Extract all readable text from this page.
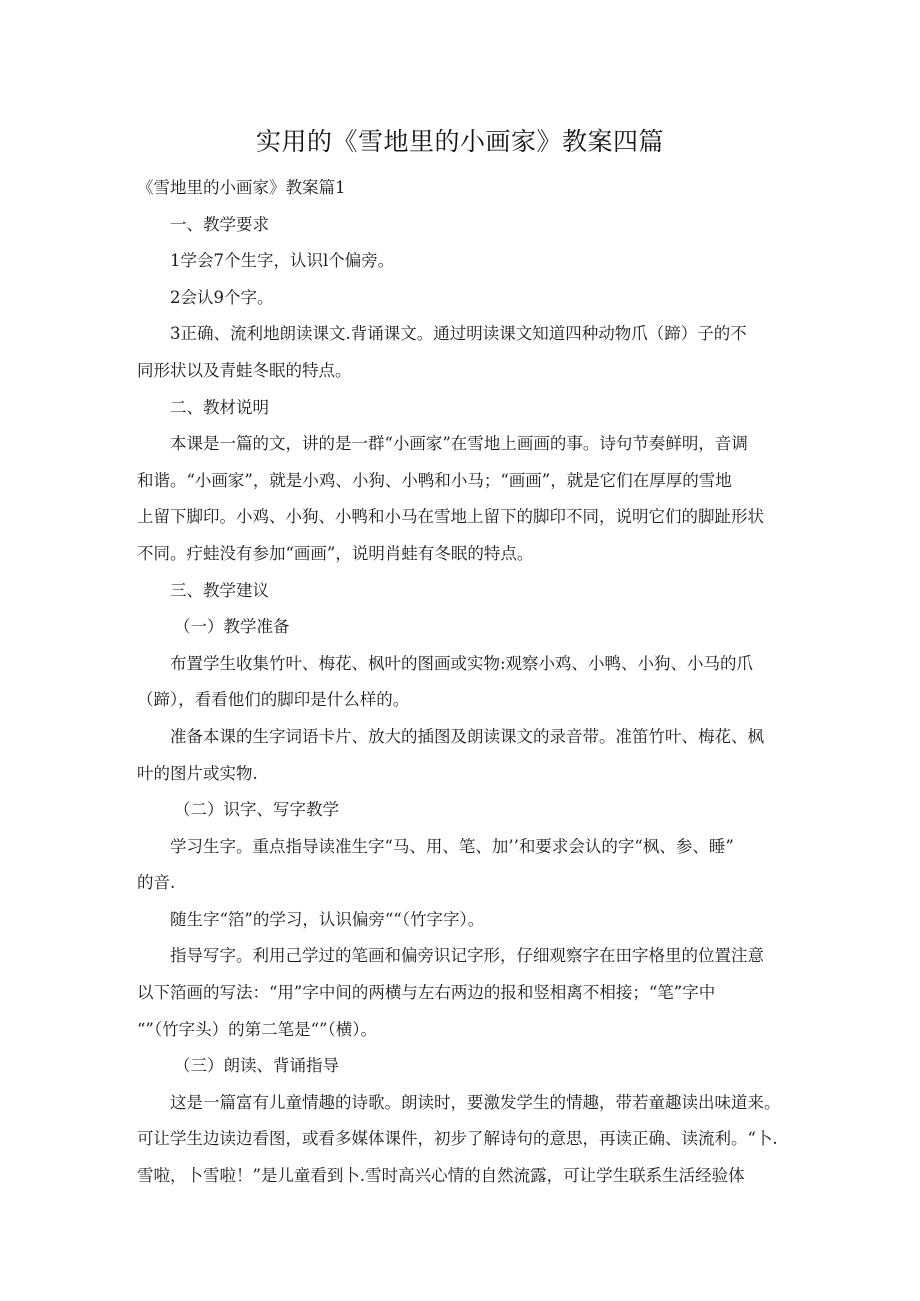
实用的《雪地里的小画家》教案四篇

《雪地里的小画家》教案篇1

一、教学要求

1学会7个生字，认识l个偏旁。

2会认9个字。

3正确、流利地朗读课文.背诵课文。通过明读课文知道四种动物爪（蹄）子的不

同形状以及青蛙冬眠的特点。

二、教材说明

本课是一篇的文，讲的是一群“小画家”在雪地上画画的事。诗句节奏鲜明，音调

和谐。“小画家”，就是小鸡、小狗、小鸭和小马；“画画”，就是它们在厚厚的雪地

上留下脚印。小鸡、小狗、小鸭和小马在雪地上留下的脚印不同，说明它们的脚趾形状

不同。疔蛙没有参加“画画”，说明肖蛙有冬眠的特点。

三、教学建议

（一）教学准备

布置学生收集竹叶、梅花、枫叶的图画或实物:观察小鸡、小鸭、小狗、小马的爪

（蹄），看看他们的脚印是什么样的。

准备本课的生字词语卡片、放大的插图及朗读课文的录音带。准笛竹叶、梅花、枫

叶的图片或实物.

（二）识字、写字教学

学习生字。重点指导读准生字“马、用、笔、加’’和要求会认的字“枫、参、睡”

的音.

随生字“箔”的学习，认识偏旁““（竹字字）。

指导写字。利用己学过的笔画和偏旁识记字形，仔细观察字在田字格里的位置注意

以下箔画的写法：“用”字中间的两横与左右两边的报和竖相离不相接；“笔”字中

“”（竹字头）的第二笔是“”（横）。

（三）朗读、背诵指导

这是一篇富有儿童情趣的诗歌。朗读时，要激发学生的情趣，带若童趣读出味道来。

可让学生边读边看图，或看多媒体课件，初步了解诗句的意思，再读正确、读流利。“卜.

雪啦，卜雪啦！”是儿童看到卜.雪时高兴心情的自然流露，可让学生联系生活经验体
